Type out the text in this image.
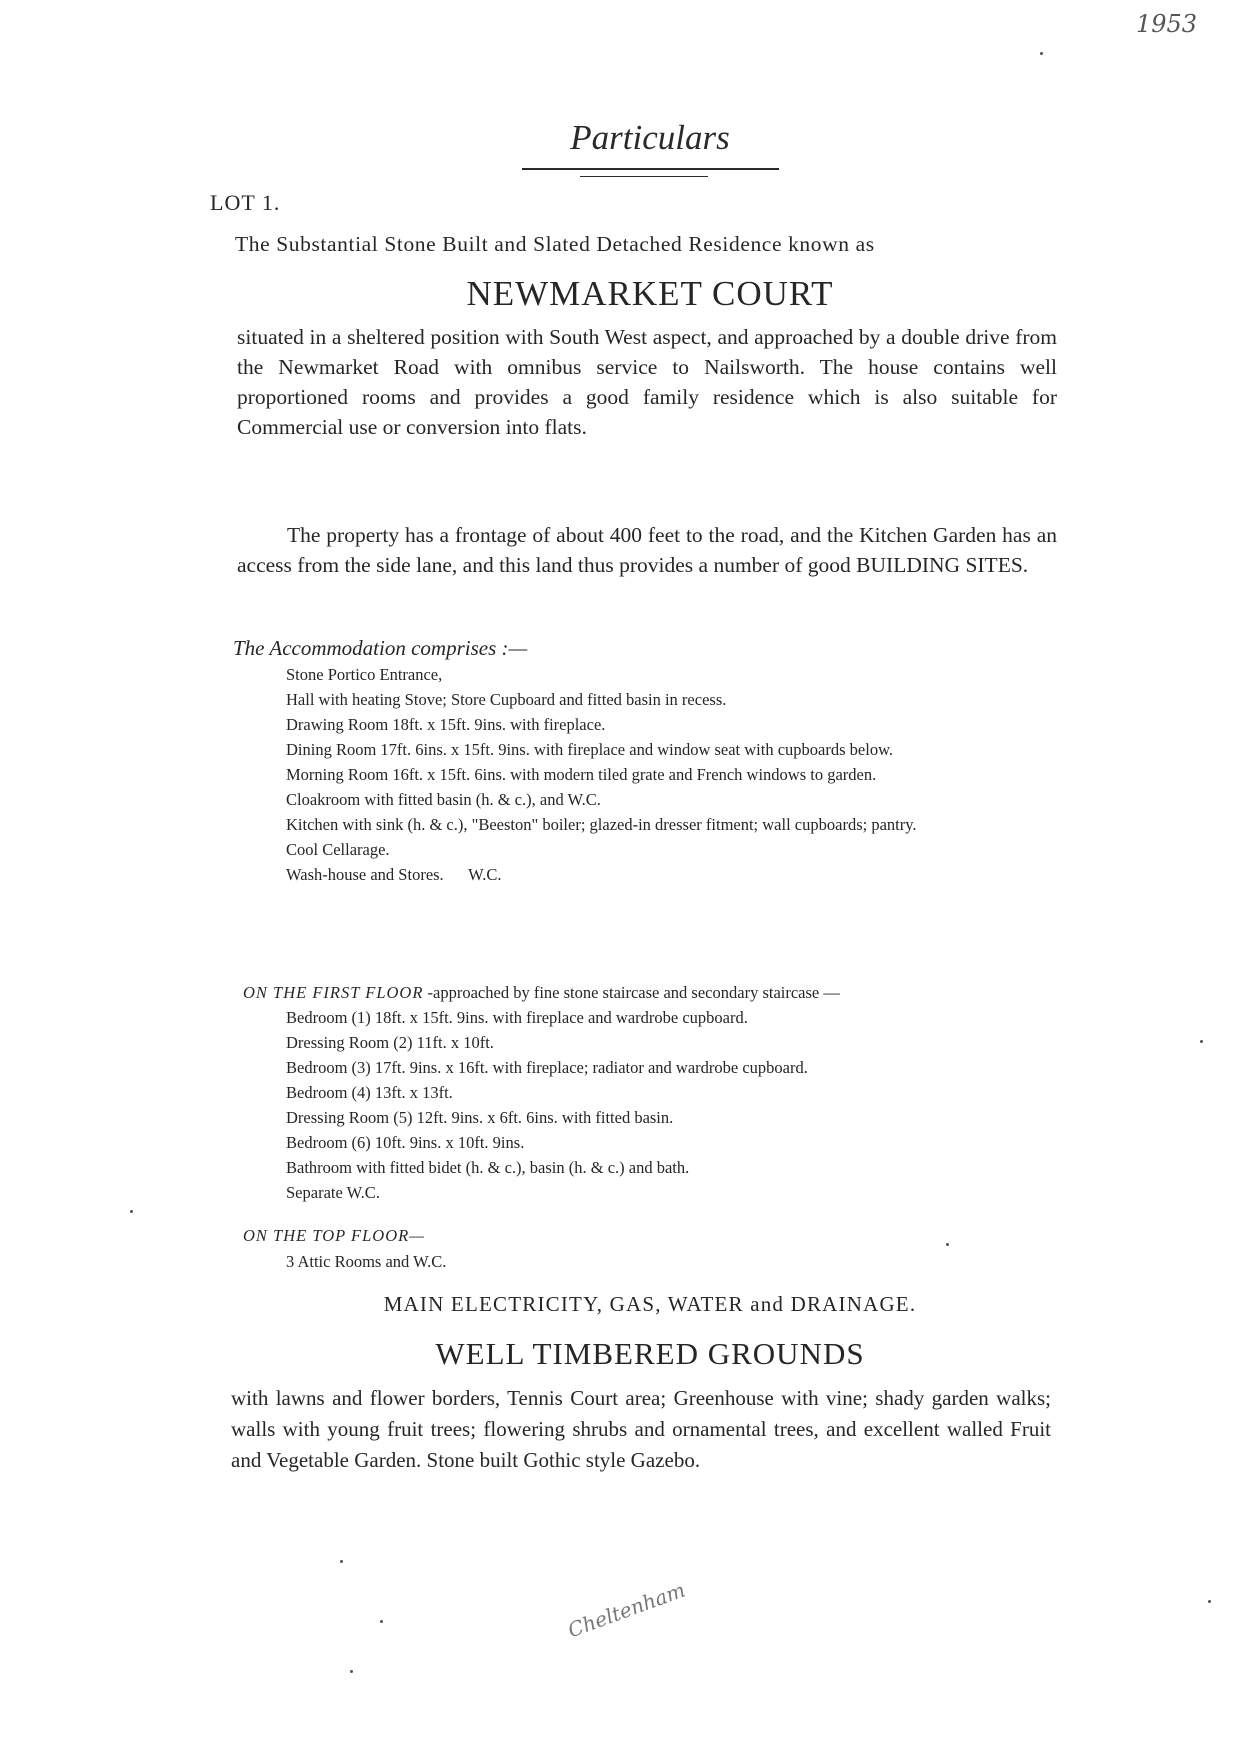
1953
Particulars
LOT 1.
The Substantial Stone Built and Slated Detached Residence known as
NEWMARKET COURT
situated in a sheltered position with South West aspect, and approached by a double drive from the Newmarket Road with omnibus service to Nailsworth. The house contains well proportioned rooms and provides a good family residence which is also suitable for Commercial use or conversion into flats.
The property has a frontage of about 400 feet to the road, and the Kitchen Garden has an access from the side lane, and this land thus provides a number of good BUILDING SITES.
The Accommodation comprises :—
Stone Portico Entrance,
Hall with heating Stove; Store Cupboard and fitted basin in recess.
Drawing Room 18ft. x 15ft. 9ins. with fireplace.
Dining Room 17ft. 6ins. x 15ft. 9ins. with fireplace and window seat with cupboards below.
Morning Room 16ft. x 15ft. 6ins. with modern tiled grate and French windows to garden.
Cloakroom with fitted basin (h. & c.), and W.C.
Kitchen with sink (h. & c.), "Beeston" boiler; glazed-in dresser fitment; wall cupboards; pantry.
Cool Cellarage.
Wash-house and Stores.      W.C.
ON THE FIRST FLOOR -approached by fine stone staircase and secondary staircase —
Bedroom (1) 18ft. x 15ft. 9ins. with fireplace and wardrobe cupboard.
Dressing Room (2) 11ft. x 10ft.
Bedroom (3) 17ft. 9ins. x 16ft. with fireplace; radiator and wardrobe cupboard.
Bedroom (4) 13ft. x 13ft.
Dressing Room (5) 12ft. 9ins. x 6ft. 6ins. with fitted basin.
Bedroom (6) 10ft. 9ins. x 10ft. 9ins.
Bathroom with fitted bidet (h. & c.), basin (h. & c.) and bath.
Separate W.C.
ON THE TOP FLOOR—
3 Attic Rooms and W.C.
MAIN ELECTRICITY, GAS, WATER and DRAINAGE.
WELL TIMBERED GROUNDS
with lawns and flower borders, Tennis Court area; Greenhouse with vine; shady garden walks; walls with young fruit trees; flowering shrubs and ornamental trees, and excellent walled Fruit and Vegetable Garden. Stone built Gothic style Gazebo.
Cheltenham
